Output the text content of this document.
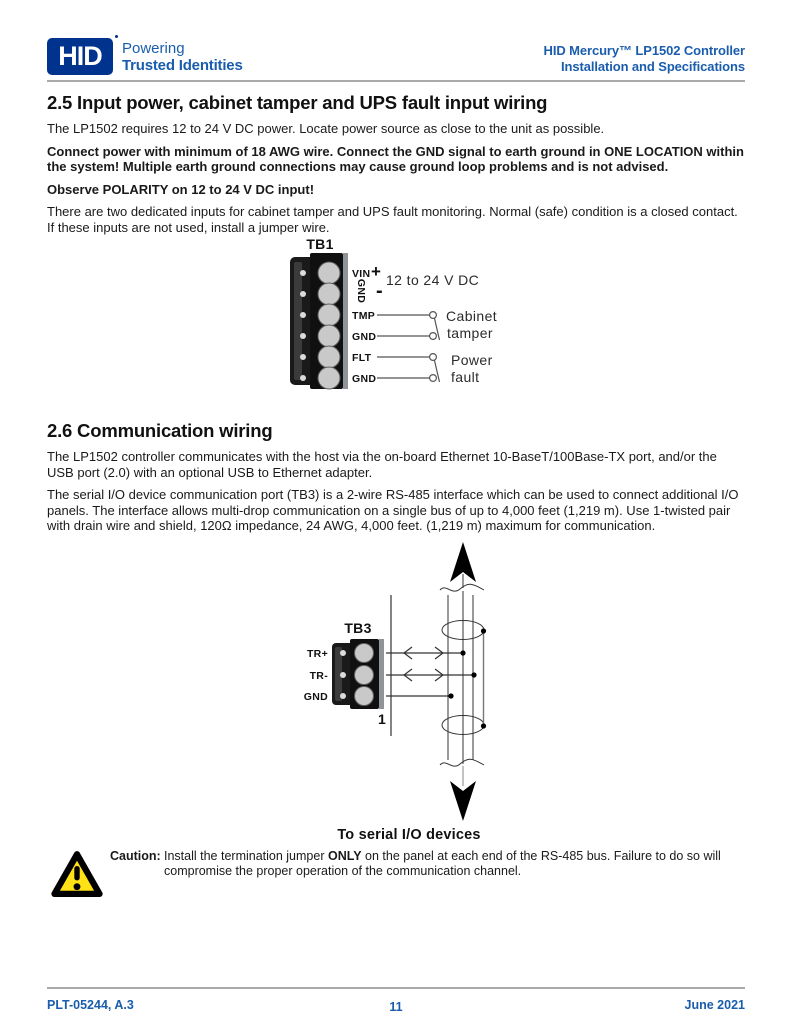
HID Powering
Trusted Identities
HID Mercury™ LP1502 Controller
Installation and Specifications
2.5 Input power, cabinet tamper and UPS fault input wiring

The LP1502 requires 12 to 24 V DC power. Locate power source as close to the unit as possible.

Connect power with minimum of 18 AWG wire. Connect the GND signal to earth ground in ONE LOCATION within the system! Multiple earth ground connections may cause ground loop problems and is not advised.

Observe POLARITY on 12 to 24 V DC input!

There are two dedicated inputs for cabinet tamper and UPS fault monitoring. Normal (safe) condition is a closed contact. If these inputs are not used, install a jumper wire.

TB1
VIN
GND
TMP
GND
FLT
GND
+
- 12 to 24 V DC
Cabinet
tamper
Power
fault
2.6 Communication wiring

The LP1502 controller communicates with the host via the on-board Ethernet 10-BaseT/100Base-TX port, and/or the USB port (2.0) with an optional USB to Ethernet adapter.

The serial I/O device communication port (TB3) is a 2-wire RS-485 interface which can be used to connect additional I/O panels. The interface allows multi-drop communication on a single bus of up to 4,000 feet (1,219 m). Use 1-twisted pair with drain wire and shield, 120Ω impedance, 24 AWG, 4,000 feet. (1,219 m) maximum for communication.

TB3
TR+
TR-
GND
1
To serial I/O devices
Caution: Install the termination jumper ONLY on the panel at each end of the RS-485 bus. Failure to do so will compromise the proper operation of the communication channel.
PLT-05244, A.3	June 2021
11
